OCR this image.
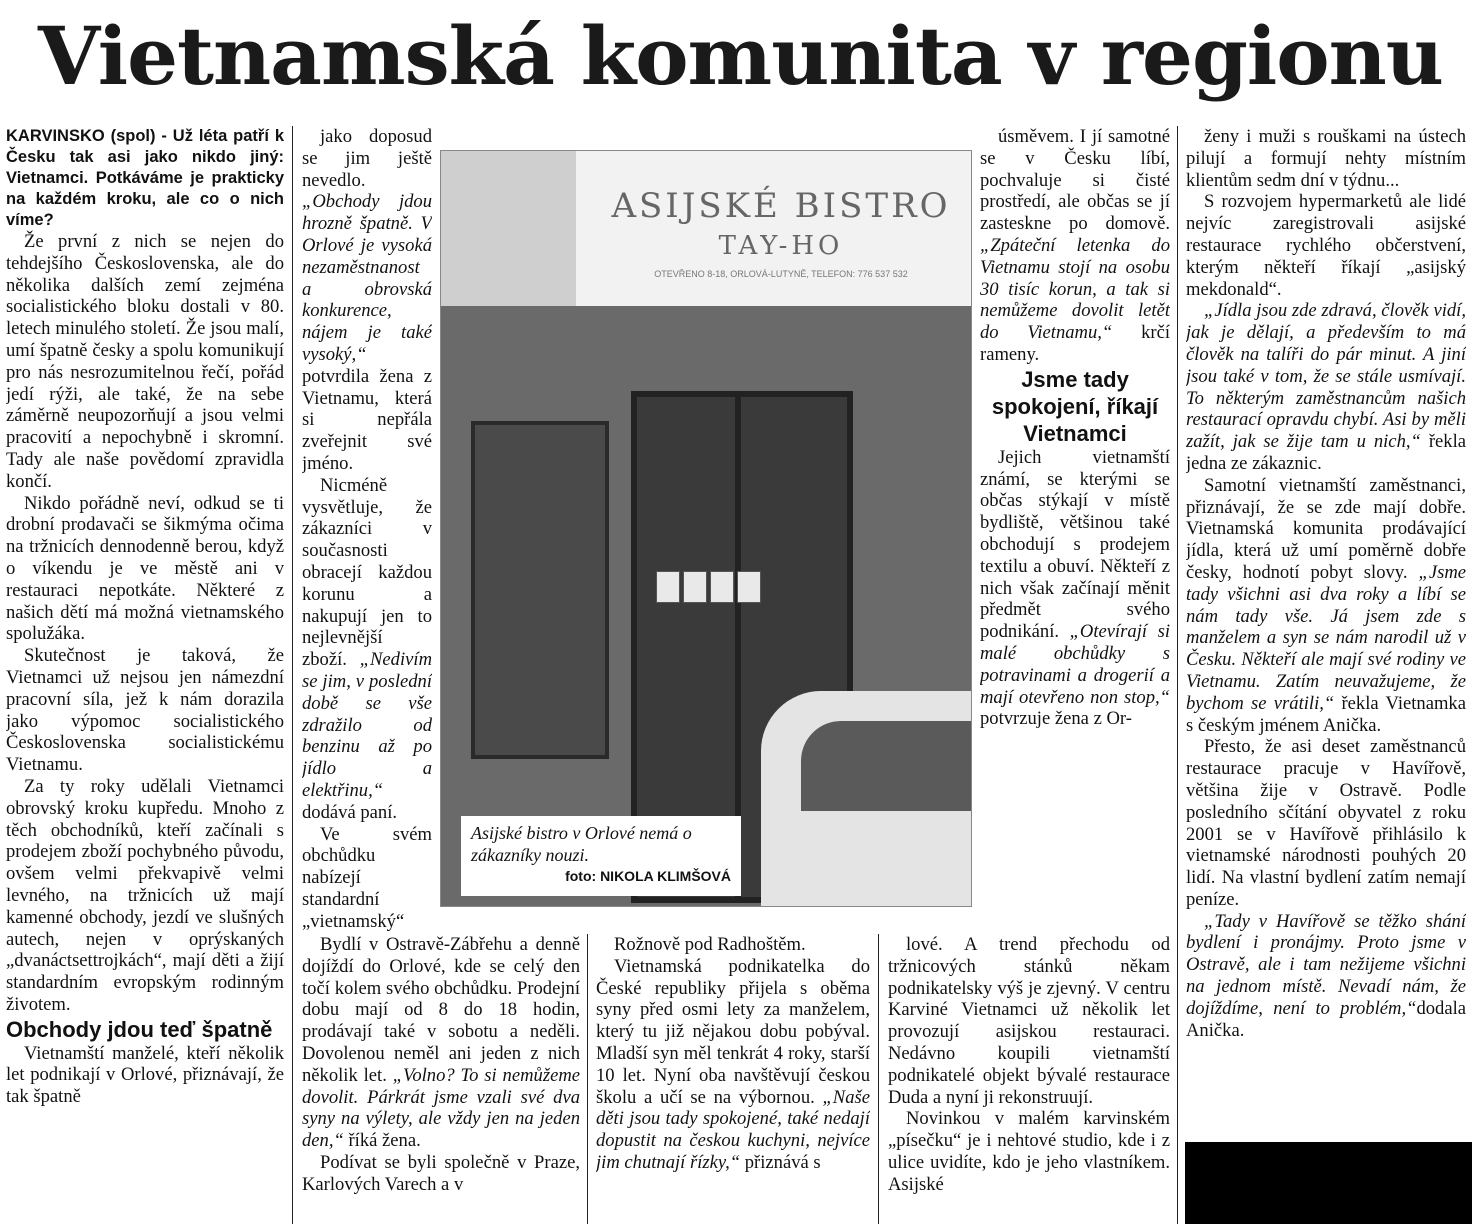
Vietnamská komunita v regionu

KARVINSKO (spol) - Už léta patří k Česku tak asi jako nikdo jiný: Vietnamci. Potkáváme je prakticky na každém kroku, ale co o nich víme?

Že první z nich se nejen do tehdejšího Československa, ale do několika dalších zemí zejména socialistického bloku dostali v 80. letech minulého století. Že jsou malí, umí špatně česky a spolu komunikují pro nás nesrozumitelnou řečí, pořád jedí rýži, ale také, že na sebe záměrně neupozorňují a jsou velmi pracovití a nepochybně i skromní. Tady ale naše povědomí zpravidla končí.

Nikdo pořádně neví, odkud se ti drobní prodavači se šikmýma očima na tržnicích dennodenně berou, když o víkendu je ve městě ani v restauraci nepotkáte. Některé z našich dětí má možná vietnamského spolužáka.

Skutečnost je taková, že Vietnamci už nejsou jen námezdní pracovní síla, jež k nám dorazila jako výpomoc socialistického Československa socialistickému Vietnamu.

Za ty roky udělali Vietnamci obrovský kroku kupředu. Mnoho z těch obchodníků, kteří začínali s prodejem zboží pochybného původu, ovšem velmi překvapivě velmi levného, na tržnicích už mají kamenné obchody, jezdí ve slušných autech, nejen v oprýskaných „dvanáctsettrojkách“, mají děti a žijí standardním evropským rodinným životem.

Obchody jdou teď špatně

Vietnamští manželé, kteří několik let podnikají v Orlové, přiznávají, že tak špatně

jako doposud se jim ještě nevedlo. „Obchody jdou hrozně špatně. V Orlové je vysoká nezaměstnanost a obrovská konkurence, nájem je také vysoký,“ potvrdila žena z Vietnamu, která si nepřála zveřejnit své jméno.

Nicméně vysvětluje, že zákazníci v současnosti obracejí každou korunu a nakupují jen to nejlevnější zboží. „Nedivím se jim, v poslední době se vše zdražilo od benzinu až po jídlo a elektřinu,“ dodává paní.

Ve svém obchůdku nabízejí standardní „vietnamský“

Bydlí v Ostravě-Zábřehu a denně dojíždí do Orlové, kde se celý den točí kolem svého obchůdku. Prodejní dobu mají od 8 do 18 hodin, prodávají také v sobotu a neděli. Dovolenou neměl ani jeden z nich několik let. „Volno? To si nemůžeme dovolit. Párkrát jsme vzali své dva syny na výlety, ale vždy jen na jeden den,“ říká žena.

Podívat se byli společně v Praze, Karlových Varech a v

ASIJSKÉ BISTRO
TAY-HO
OTEVŘENO 8-18, ORLOVÁ-LUTYNĚ, TELEFON: 776 537 532
Asijské bistro v Orlové nemá o zákazníky nouzi.
foto: NIKOLA KLIMŠOVÁ

Rožnově pod Radhoštěm.

Vietnamská podnikatelka do České republiky přijela s oběma syny před osmi lety za manželem, který tu již nějakou dobu pobýval. Mladší syn měl tenkrát 4 roky, starší 10 let. Nyní oba navštěvují českou školu a učí se na výbornou. „Naše děti jsou tady spokojené, také nedají dopustit na českou kuchyni, nejvíce jim chutnají řízky,“ přiznává s

úsměvem. I jí samotné se v Česku líbí, pochvaluje si čisté prostředí, ale občas se jí zasteskne po domově. „Zpáteční letenka do Vietnamu stojí na osobu 30 tisíc korun, a tak si nemůžeme dovolit letět do Vietnamu,“ krčí rameny.

Jsme tady spokojení, říkají Vietnamci

Jejich vietnamští známí, se kterými se občas stýkají v místě bydliště, většinou také obchodují s prodejem textilu a obuví. Někteří z nich však začínají měnit předmět svého podnikání. „Otevírají si malé obchůdky s potravinami a drogerií a mají otevřeno non stop,“ potvrzuje žena z Or-

lové. A trend přechodu od tržnicových stánků někam podnikatelsky výš je zjevný. V centru Karviné Vietnamci už několik let provozují asijskou restauraci. Nedávno koupili vietnamští podnikatelé objekt bývalé restaurace Duda a nyní ji rekonstruují.

Novinkou v malém karvinském „písečku“ je i nehtové studio, kde i z ulice uvidíte, kdo je jeho vlastníkem. Asijské

ženy i muži s rouškami na ústech pilují a formují nehty místním klientům sedm dní v týdnu...

S rozvojem hypermarketů ale lidé nejvíc zaregistrovali asijské restaurace rychlého občerstvení, kterým někteří říkají „asijský mekdonald“.

„Jídla jsou zde zdravá, člověk vidí, jak je dělají, a především to má člověk na talíři do pár minut. A jiní jsou také v tom, že se stále usmívají. To některým zaměstnancům našich restaurací opravdu chybí. Asi by měli zažít, jak se žije tam u nich,“ řekla jedna ze zákaznic.

Samotní vietnamští zaměstnanci, přiznávají, že se zde mají dobře. Vietnamská komunita prodávající jídla, která už umí poměrně dobře česky, hodnotí pobyt slovy. „Jsme tady všichni asi dva roky a líbí se nám tady vše. Já jsem zde s manželem a syn se nám narodil už v Česku. Někteří ale mají své rodiny ve Vietnamu. Zatím neuvažujeme, že bychom se vrátili,“ řekla Vietnamka s českým jménem Anička.

Přesto, že asi deset zaměstnanců restaurace pracuje v Havířově, většina žije v Ostravě. Podle posledního sčítání obyvatel z roku 2001 se v Havířově přihlásilo k vietnamské národnosti pouhých 20 lidí. Na vlastní bydlení zatím nemají peníze.

„Tady v Havířově se těžko shání bydlení i pronájmy. Proto jsme v Ostravě, ale i tam nežijeme všichni na jednom místě. Nevadí nám, že dojíždíme, není to problém,“dodala Anička.
